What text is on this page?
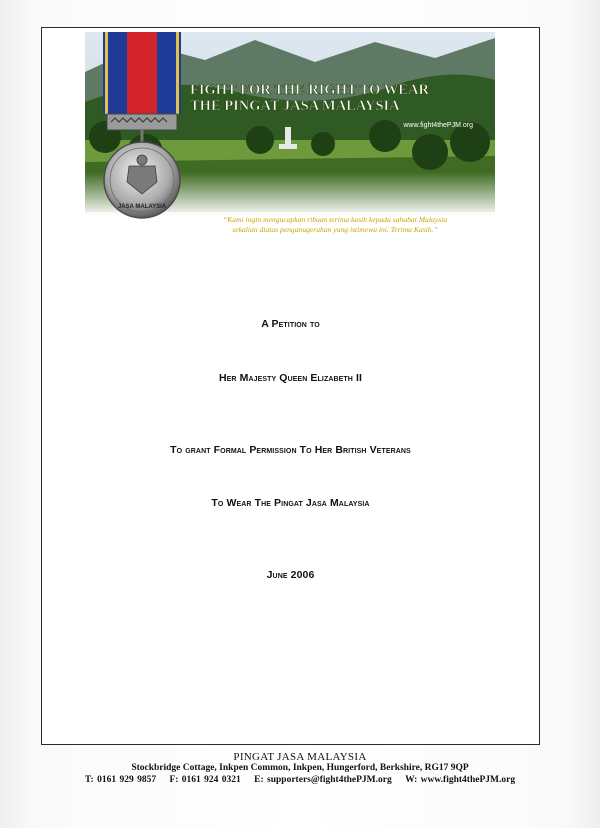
FIGHT FOR THE RIGHT TO WEAR
THE PINGAT JASA MALAYSIA
www.fight4thePJM.org
JASA MALAYSIA
“Kami ingin mengucapkan ribuan terima kasih kepada sahabat Malaysia
sekalian diatas penganugerahan yang istimewa ini. Terima Kasih.”
A Petition to
Her Majesty Queen Elizabeth II
To grant Formal Permission To Her British Veterans
To Wear The Pingat Jasa Malaysia
June 2006
PINGAT JASA MALAYSIA
Stockbridge Cottage, Inkpen Common, Inkpen, Hungerford, Berkshire, RG17 9QP
T: 0161 929 9857 F: 0161 924 0321 E: supporters@fight4thePJM.org W: www.fight4thePJM.org
